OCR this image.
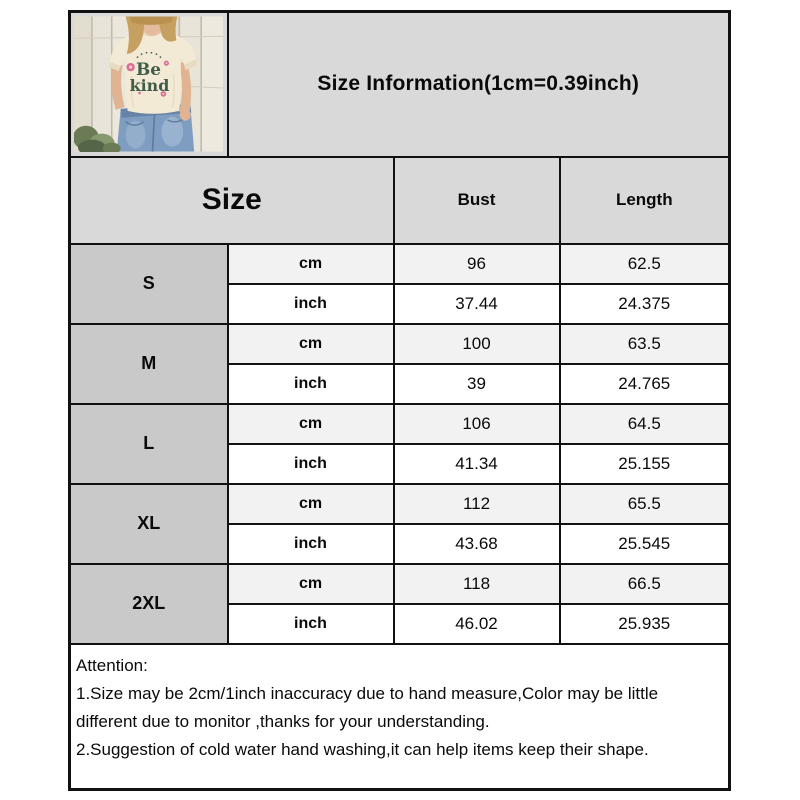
Be
kind	Size Information(1cm=0.39inch)		
Size		Bust	Length
S	cm	96	62.5
	inch	37.44	24.375
M	cm	100	63.5
	inch	39	24.765
L	cm	106	64.5
	inch	41.34	25.155
XL	cm	112	65.5
	inch	43.68	25.545
2XL	cm	118	66.5
	inch	46.02	25.935

Attention:
1.Size may be 2cm/1inch inaccuracy due to hand measure,Color may be little
different due to monitor ,thanks for your understanding.
2.Suggestion of cold water hand washing,it can help items keep their shape.			
